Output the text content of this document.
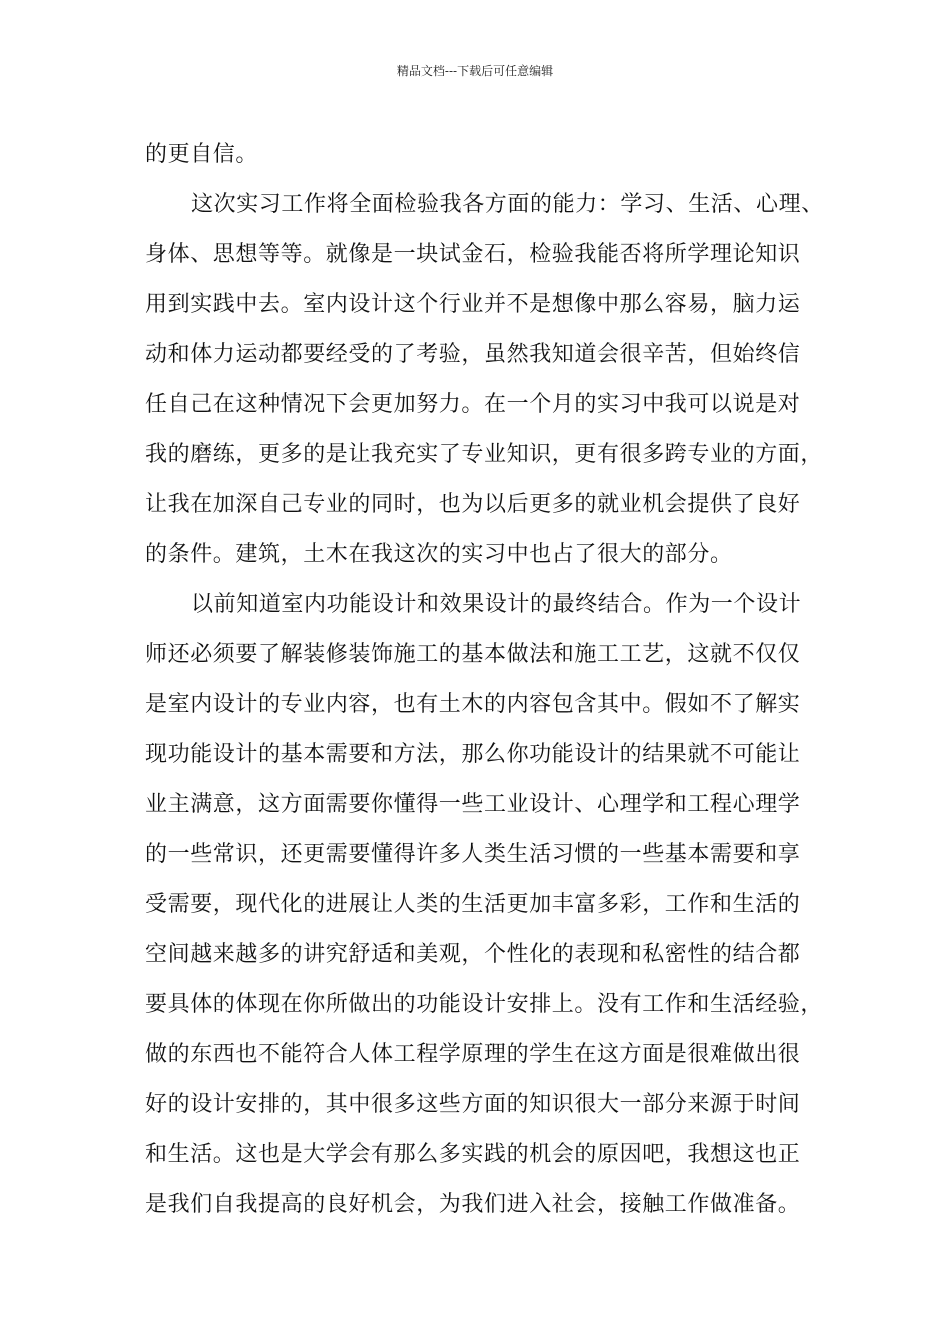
精品文档---下载后可任意编辑
的更自信。
这次实习工作将全面检验我各方面的能力：学习、生活、心理、
身体、思想等等。就像是一块试金石，检验我能否将所学理论知识
用到实践中去。室内设计这个行业并不是想像中那么容易，脑力运
动和体力运动都要经受的了考验，虽然我知道会很辛苦，但始终信
任自己在这种情况下会更加努力。在一个月的实习中我可以说是对
我的磨练，更多的是让我充实了专业知识，更有很多跨专业的方面，
让我在加深自己专业的同时，也为以后更多的就业机会提供了良好
的条件。建筑，土木在我这次的实习中也占了很大的部分。
以前知道室内功能设计和效果设计的最终结合。作为一个设计
师还必须要了解装修装饰施工的基本做法和施工工艺，这就不仅仅
是室内设计的专业内容，也有土木的内容包含其中。假如不了解实
现功能设计的基本需要和方法，那么你功能设计的结果就不可能让
业主满意，这方面需要你懂得一些工业设计、心理学和工程心理学
的一些常识，还更需要懂得许多人类生活习惯的一些基本需要和享
受需要，现代化的进展让人类的生活更加丰富多彩，工作和生活的
空间越来越多的讲究舒适和美观，个性化的表现和私密性的结合都
要具体的体现在你所做出的功能设计安排上。没有工作和生活经验，
做的东西也不能符合人体工程学原理的学生在这方面是很难做出很
好的设计安排的，其中很多这些方面的知识很大一部分来源于时间
和生活。这也是大学会有那么多实践的机会的原因吧，我想这也正
是我们自我提高的良好机会，为我们进入社会，接触工作做准备。
